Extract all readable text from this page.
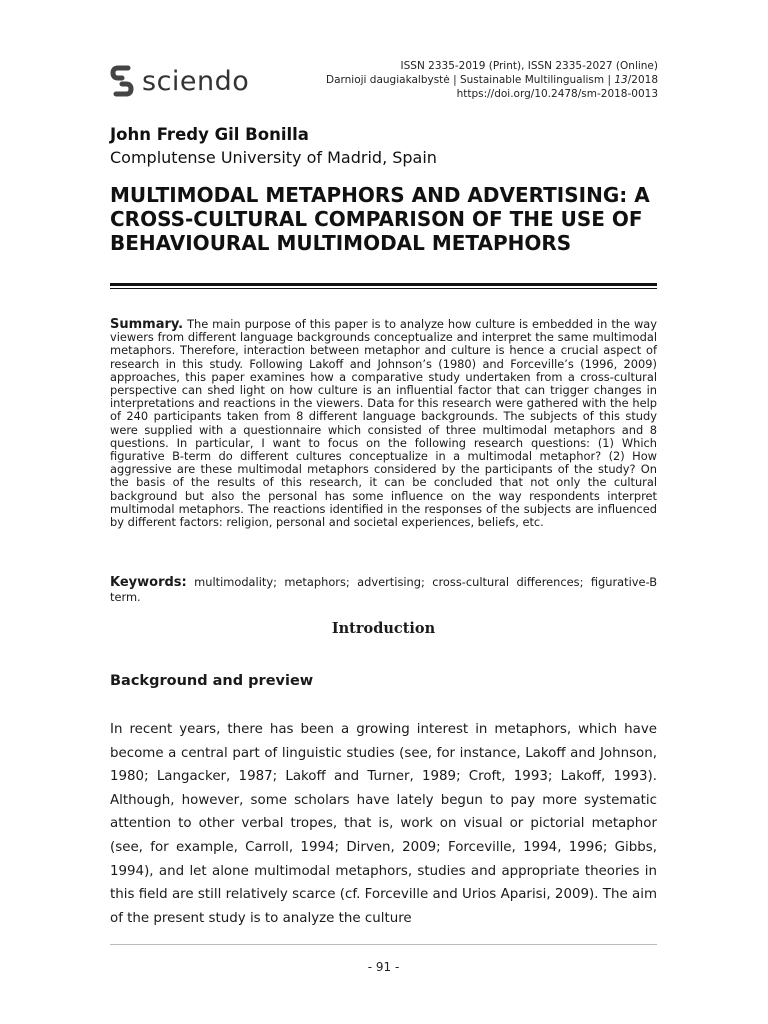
sciendo	ISSN 2335-2019 (Print), ISSN 2335-2027 (Online)
Darnioji daugiakalbystė | Sustainable Multilingualism | 13/2018
https://doi.org/10.2478/sm-2018-0013
John Fredy Gil Bonilla
Complutense University of Madrid, Spain
MULTIMODAL METAPHORS AND ADVERTISING: A CROSS-CULTURAL COMPARISON OF THE USE OF BEHAVIOURAL MULTIMODAL METAPHORS

Summary. The main purpose of this paper is to analyze how culture is embedded in the way viewers from different language backgrounds conceptualize and interpret the same multimodal metaphors. Therefore, interaction between metaphor and culture is hence a crucial aspect of research in this study. Following Lakoff and Johnson’s (1980) and Forceville’s (1996, 2009) approaches, this paper examines how a comparative study undertaken from a cross-cultural perspective can shed light on how culture is an influential factor that can trigger changes in interpretations and reactions in the viewers. Data for this research were gathered with the help of 240 participants taken from 8 different language backgrounds. The subjects of this study were supplied with a questionnaire which consisted of three multimodal metaphors and 8 questions. In particular, I want to focus on the following research questions: (1) Which figurative B-term do different cultures conceptualize in a multimodal metaphor? (2) How aggressive are these multimodal metaphors considered by the participants of the study? On the basis of the results of this research, it can be concluded that not only the cultural background but also the personal has some influence on the way respondents interpret multimodal metaphors. The reactions identified in the responses of the subjects are influenced by different factors: religion, personal and societal experiences, beliefs, etc.

Keywords: multimodality; metaphors; advertising; cross-cultural differences; figurative-B term.

Introduction
Background and preview

In recent years, there has been a growing interest in metaphors, which have become a central part of linguistic studies (see, for instance, Lakoff and Johnson, 1980; Langacker, 1987; Lakoff and Turner, 1989; Croft, 1993; Lakoff, 1993). Although, however, some scholars have lately begun to pay more systematic attention to other verbal tropes, that is, work on visual or pictorial metaphor (see, for example, Carroll, 1994; Dirven, 2009; Forceville, 1994, 1996; Gibbs, 1994), and let alone multimodal metaphors, studies and appropriate theories in this field are still relatively scarce (cf. Forceville and Urios Aparisi, 2009). The aim of the present study is to analyze the culture

- 91 -
